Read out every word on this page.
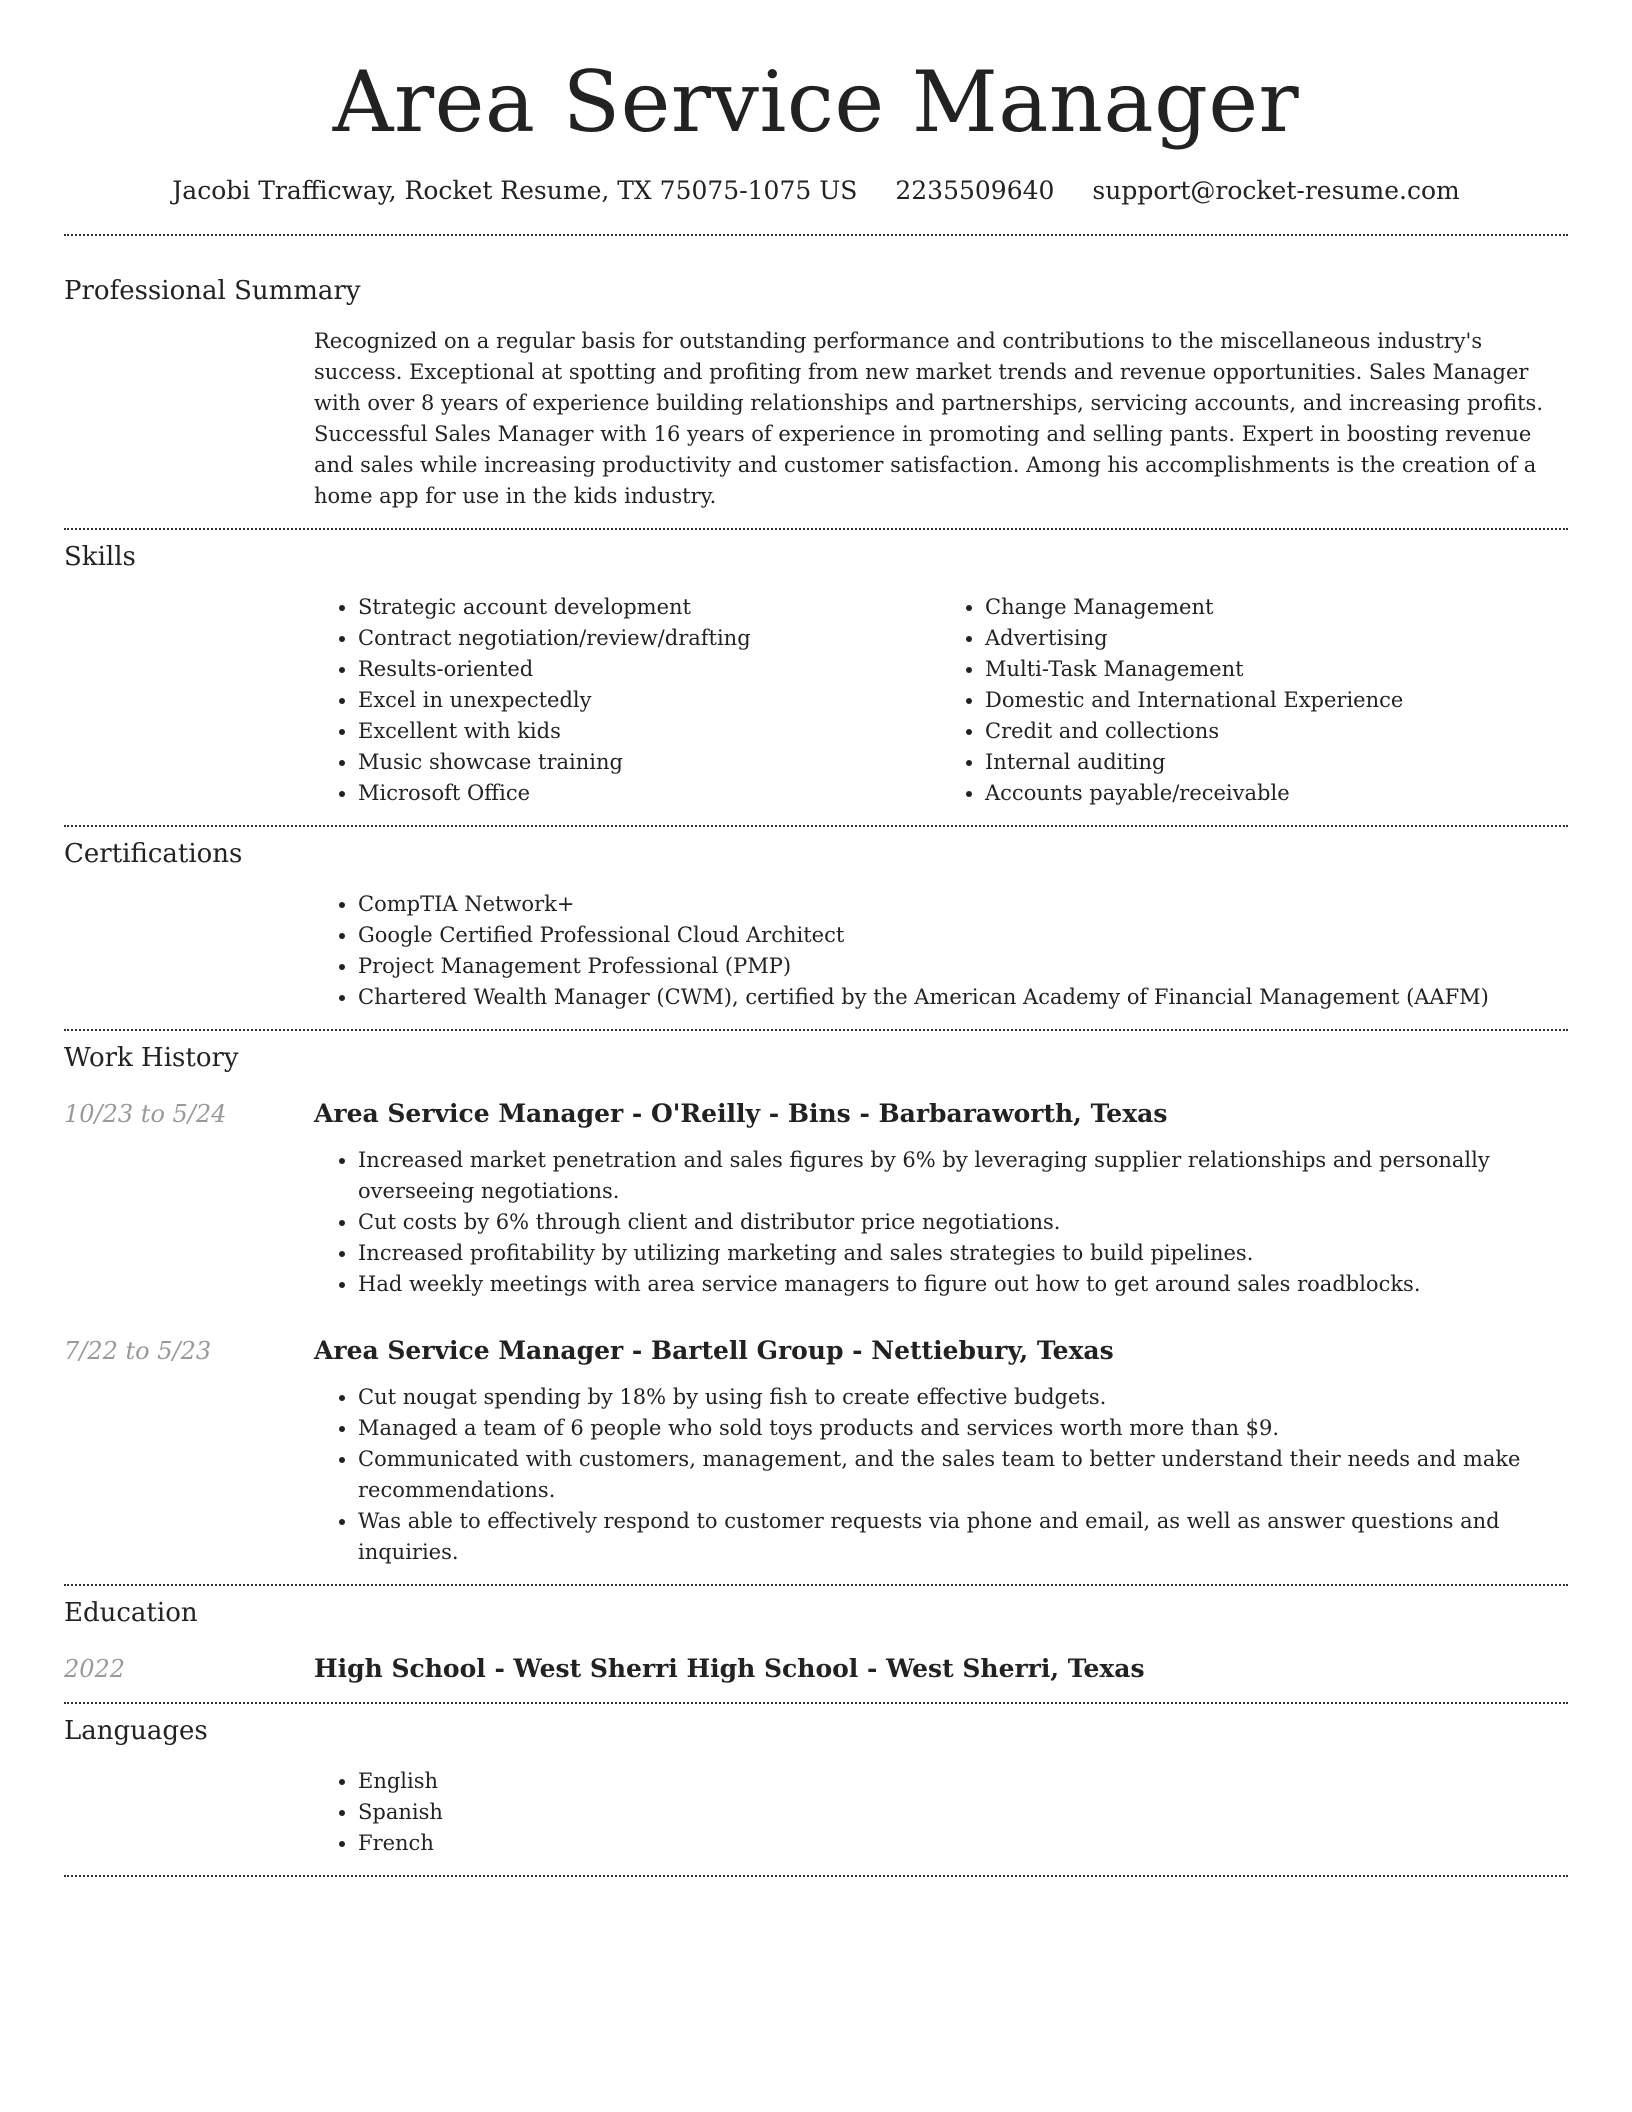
Area Service Manager
Jacobi Trafficway, Rocket Resume, TX 75075-1075 US 2235509640 support@rocket-resume.com
Professional Summary

Recognized on a regular basis for outstanding performance and contributions to the miscellaneous industry's success. Exceptional at spotting and profiting from new market trends and revenue opportunities. Sales Manager with over 8 years of experience building relationships and partnerships, servicing accounts, and increasing profits. Successful Sales Manager with 16 years of experience in promoting and selling pants. Expert in boosting revenue and sales while increasing productivity and customer satisfaction. Among his accomplishments is the creation of a home app for use in the kids industry.

Skills
• Strategic account development
• Contract negotiation/review/drafting
• Results-oriented
• Excel in unexpectedly
• Excellent with kids
• Music showcase training
• Microsoft Office
• Change Management
• Advertising
• Multi-Task Management
• Domestic and International Experience
• Credit and collections
• Internal auditing
• Accounts payable/receivable
Certifications
• CompTIA Network+
• Google Certified Professional Cloud Architect
• Project Management Professional (PMP)
• Chartered Wealth Manager (CWM), certified by the American Academy of Financial Management (AAFM)
Work History
10/23 to 5/24	Area Service Manager - O'Reilly - Bins - Barbaraworth, Texas
• Increased market penetration and sales figures by 6% by leveraging supplier relationships and personally overseeing negotiations.
• Cut costs by 6% through client and distributor price negotiations.
• Increased profitability by utilizing marketing and sales strategies to build pipelines.
• Had weekly meetings with area service managers to figure out how to get around sales roadblocks.
7/22 to 5/23	Area Service Manager - Bartell Group - Nettiebury, Texas
• Cut nougat spending by 18% by using fish to create effective budgets.
• Managed a team of 6 people who sold toys products and services worth more than $9.
• Communicated with customers, management, and the sales team to better understand their needs and make recommendations.
• Was able to effectively respond to customer requests via phone and email, as well as answer questions and inquiries.
Education
2022	High School - West Sherri High School - West Sherri, Texas
Languages
• English
• Spanish
• French
